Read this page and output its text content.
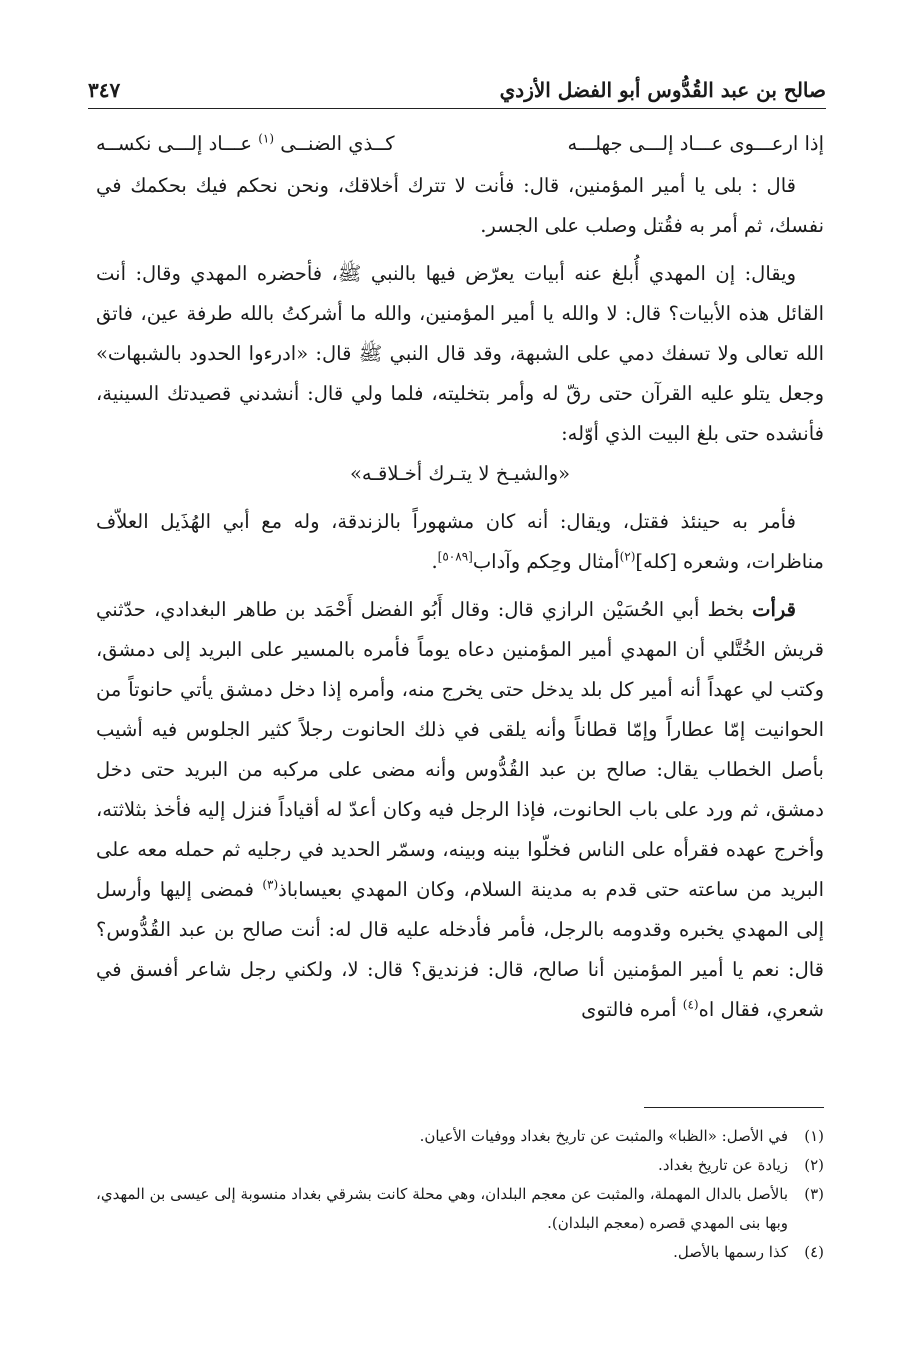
صالح بن عبد القُدُّوس أبو الفضل الأزدي
٣٤٧
إذا ارعـــوى عـــاد إلـــى جهلـــه
كــذي الضنــى $^{(١)}$ عـــاد إلـــى نكســه

قال : بلى يا أمير المؤمنين، قال: فأنت لا تترك أخلاقك، ونحن نحكم فيك بحكمك في نفسك، ثم أمر به فقُتل وصلب على الجسر.

ويقال: إن المهدي أُبلغ عنه أبيات يعرّض فيها بالنبي ﷺ، فأحضره المهدي وقال: أنت القائل هذه الأبيات؟ قال: لا والله يا أمير المؤمنين، والله ما أشركتُ بالله طرفة عين، فاتق الله تعالى ولا تسفك دمي على الشبهة، وقد قال النبي ﷺ قال: «ادرءوا الحدود بالشبهات» وجعل يتلو عليه القرآن حتى رقّ له وأمر بتخليته، فلما ولي قال: أنشدني قصيدتك السينية، فأنشده حتى بلغ البيت الذي أوّله:

«والشيـخ لا يتـرك أخـلاقـه»

فأمر به حينئذ فقتل، ويقال: أنه كان مشهوراً بالزندقة، وله مع أبي الهُذَيل العلاّف مناظرات، وشعره [كله]$^{(٢)}$أمثال وحِكم وآداب[٥٠٨٩].

قرأت بخط أبي الحُسَيْن الرازي قال: وقال أَبُو الفضل أَحْمَد بن طاهر البغدادي، حدّثني قريش الخُتَّلي أن المهدي أمير المؤمنين دعاه يوماً فأمره بالمسير على البريد إلى دمشق، وكتب لي عهداً أنه أمير كل بلد يدخل حتى يخرج منه، وأمره إذا دخل دمشق يأتي حانوتاً من الحوانيت إمّا عطاراً وإمّا قطاناً وأنه يلقى في ذلك الحانوت رجلاً كثير الجلوس فيه أشيب بأصل الخطاب يقال: صالح بن عبد القُدُّوس وأنه مضى على مركبه من البريد حتى دخل دمشق، ثم ورد على باب الحانوت، فإذا الرجل فيه وكان أعدّ له أقياداً فنزل إليه فأخذ بثلاثته، وأخرج عهده فقرأه على الناس فخلّوا بينه وبينه، وسمّر الحديد في رجليه ثم حمله معه على البريد من ساعته حتى قدم به مدينة السلام، وكان المهدي بعيساباذ$^{(٣)}$ فمضى إليها وأرسل إلى المهدي يخبره وقدومه بالرجل، فأمر فأدخله عليه قال له: أنت صالح بن عبد القُدُّوس؟ قال: نعم يا أمير المؤمنين أنا صالح، قال: فزنديق؟ قال: لا، ولكني رجل شاعر أفسق في شعري، فقال اه$^{(٤)}$ أمره فالتوى

(١)
في الأصل: «الظبا» والمثبت عن تاريخ بغداد ووفيات الأعيان.
(٢)
زيادة عن تاريخ بغداد.
(٣)
بالأصل بالدال المهملة، والمثبت عن معجم البلدان، وهي محلة كانت بشرقي بغداد منسوبة إلى عيسى بن المهدي، وبها بنى المهدي قصره (معجم البلدان).
(٤)
كذا رسمها بالأصل.
